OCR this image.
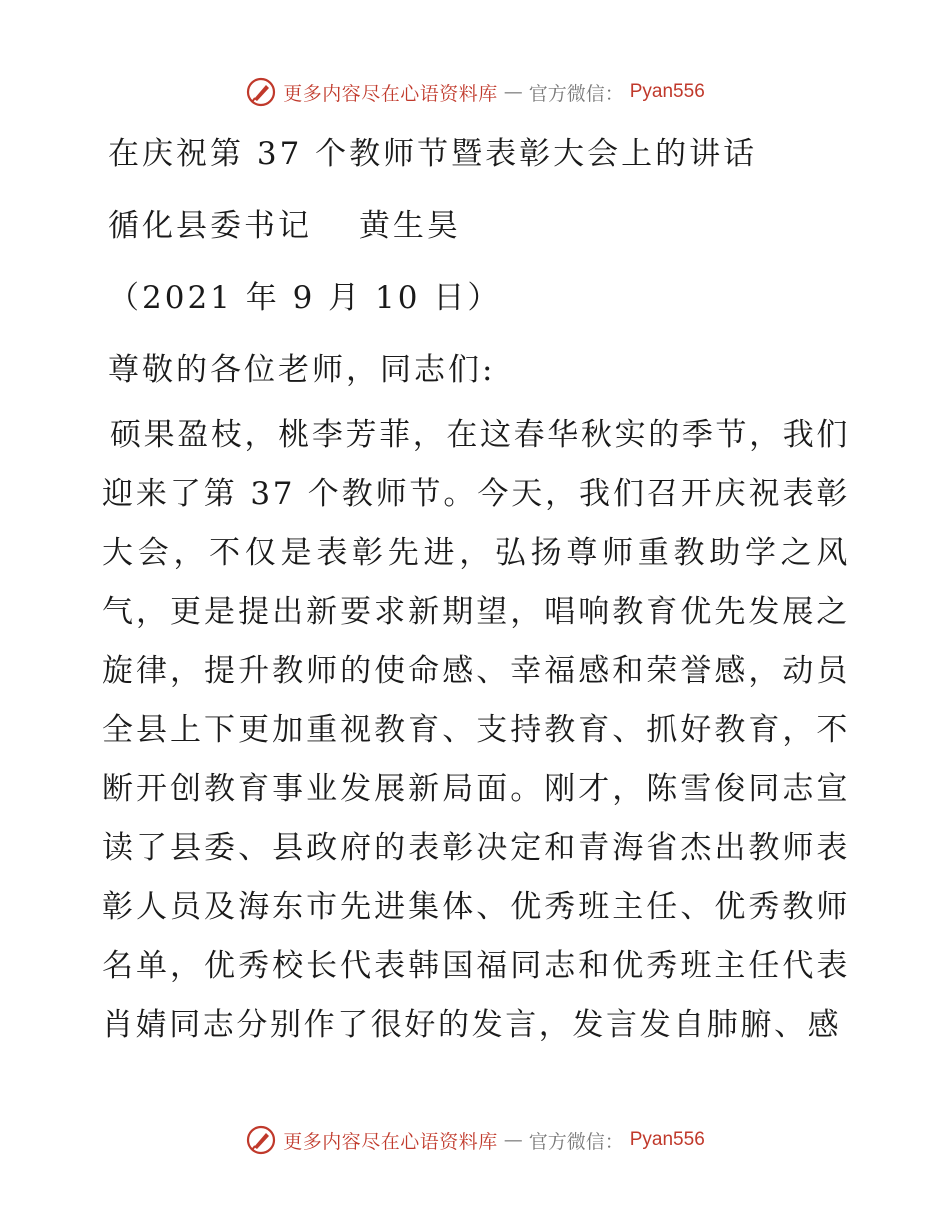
更多内容尽在心语资料库 — 官方微信： Pyan556

在庆祝第 37 个教师节暨表彰大会上的讲话

循化县委书记　 黄生昊

（2021 年 9 月 10 日）

尊敬的各位老师，同志们:

硕果盈枝，桃李芳菲，在这春华秋实的季节，我们迎来了第 37 个教师节。今天，我们召开庆祝表彰大会，不仅是表彰先进，弘扬尊师重教助学之风气，更是提出新要求新期望，唱响教育优先发展之旋律，提升教师的使命感、幸福感和荣誉感，动员全县上下更加重视教育、支持教育、抓好教育，不断开创教育事业发展新局面。刚才，陈雪俊同志宣读了县委、县政府的表彰决定和青海省杰出教师表彰人员及海东市先进集体、优秀班主任、优秀教师名单，优秀校长代表韩国福同志和优秀班主任代表肖婧同志分别作了很好的发言，发言发自肺腑、感

更多内容尽在心语资料库 — 官方微信： Pyan556
